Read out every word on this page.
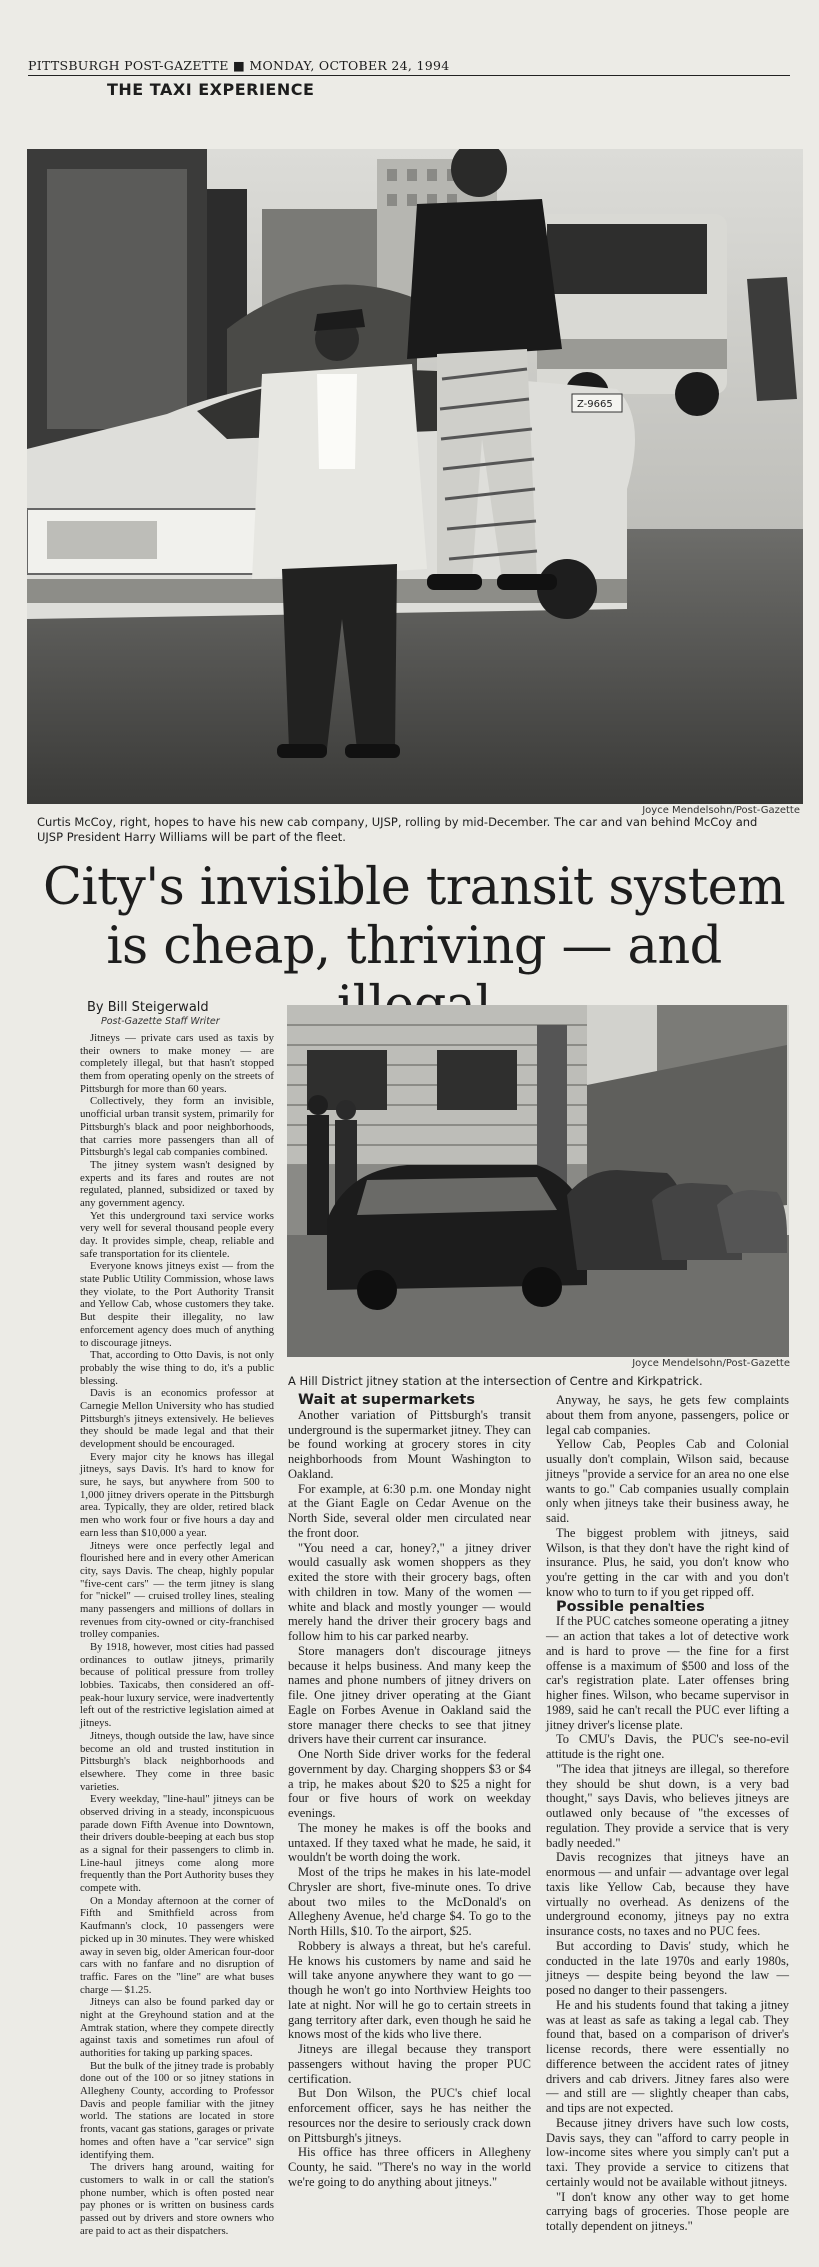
PITTSBURGH POST-GAZETTE ■ MONDAY, OCTOBER 24, 1994
THE TAXI EXPERIENCE
Z-9665
Joyce Mendelsohn/Post-Gazette
Curtis McCoy, right, hopes to have his new cab company, UJSP, rolling by mid-December. The car and van behind McCoy and UJSP President Harry Williams will be part of the fleet.
City's invisible transit system
is cheap, thriving — and
By Bill Steigerwald
Post-Gazette Staff Writer
Joyce Mendelsohn/Post-Gazette
A Hill District jitney station at the intersection of Centre and Kirkpatrick.

Jitneys — private cars used as taxis by their owners to make money — are completely illegal, but that hasn't stopped them from operating openly on the streets of Pittsburgh for more than 60 years.

Collectively, they form an invisible, unofficial urban transit system, primarily for Pittsburgh's black and poor neighborhoods, that carries more passengers than all of Pittsburgh's legal cab companies combined.

The jitney system wasn't designed by experts and its fares and routes are not regulated, planned, subsidized or taxed by any government agency.

Yet this underground taxi service works very well for several thousand people every day. It provides simple, cheap, reliable and safe transportation for its clientele.

Everyone knows jitneys exist — from the state Public Utility Commission, whose laws they violate, to the Port Authority Transit and Yellow Cab, whose customers they take. But despite their illegality, no law enforcement agency does much of anything to discourage jitneys.

That, according to Otto Davis, is not only probably the wise thing to do, it's a public blessing.

Davis is an economics professor at Carnegie Mellon University who has studied Pittsburgh's jitneys extensively. He believes they should be made legal and that their development should be encouraged.

Every major city he knows has illegal jitneys, says Davis. It's hard to know for sure, he says, but anywhere from 500 to 1,000 jitney drivers operate in the Pittsburgh area. Typically, they are older, retired black men who work four or five hours a day and earn less than $10,000 a year.

Jitneys were once perfectly legal and flourished here and in every other American city, says Davis. The cheap, highly popular "five-cent cars" — the term jitney is slang for "nickel" — cruised trolley lines, stealing many passengers and millions of dollars in revenues from city-owned or city-franchised trolley companies.

By 1918, however, most cities had passed ordinances to outlaw jitneys, primarily because of political pressure from trolley lobbies. Taxicabs, then considered an off-peak-hour luxury service, were inadvertently left out of the restrictive legislation aimed at jitneys.

Jitneys, though outside the law, have since become an old and trusted institution in Pittsburgh's black neighborhoods and elsewhere. They come in three basic varieties.

Every weekday, "line-haul" jitneys can be observed driving in a steady, inconspicuous parade down Fifth Avenue into Downtown, their drivers double-beeping at each bus stop as a signal for their passengers to climb in. Line-haul jitneys come along more frequently than the Port Authority buses they compete with.

On a Monday afternoon at the corner of Fifth and Smithfield across from Kaufmann's clock, 10 passengers were picked up in 30 minutes. They were whisked away in seven big, older American four-door cars with no fanfare and no disruption of traffic. Fares on the "line" are what buses charge — $1.25.

Jitneys can also be found parked day or night at the Greyhound station and at the Amtrak station, where they compete directly against taxis and sometimes run afoul of authorities for taking up parking spaces.

But the bulk of the jitney trade is probably done out of the 100 or so jitney stations in Allegheny County, according to Professor Davis and people familiar with the jitney world. The stations are located in store fronts, vacant gas stations, garages or private homes and often have a "car service" sign identifying them.

The drivers hang around, waiting for customers to walk in or call the station's phone number, which is often posted near pay phones or is written on business cards passed out by drivers and store owners who are paid to act as their dispatchers.

Wait at supermarkets

Another variation of Pittsburgh's transit underground is the supermarket jitney. They can be found working at grocery stores in city neighborhoods from Mount Washington to Oakland.

For example, at 6:30 p.m. one Monday night at the Giant Eagle on Cedar Avenue on the North Side, several older men circulated near the front door.

"You need a car, honey?," a jitney driver would casually ask women shoppers as they exited the store with their grocery bags, often with children in tow. Many of the women — white and black and mostly younger — would merely hand the driver their grocery bags and follow him to his car parked nearby.

Store managers don't discourage jitneys because it helps business. And many keep the names and phone numbers of jitney drivers on file. One jitney driver operating at the Giant Eagle on Forbes Avenue in Oakland said the store manager there checks to see that jitney drivers have their current car insurance.

One North Side driver works for the federal government by day. Charging shoppers $3 or $4 a trip, he makes about $20 to $25 a night for four or five hours of work on weekday evenings.

The money he makes is off the books and untaxed. If they taxed what he made, he said, it wouldn't be worth doing the work.

Most of the trips he makes in his late-model Chrysler are short, five-minute ones. To drive about two miles to the McDonald's on Allegheny Avenue, he'd charge $4. To go to the North Hills, $10. To the airport, $25.

Robbery is always a threat, but he's careful. He knows his customers by name and said he will take anyone anywhere they want to go — though he won't go into Northview Heights too late at night. Nor will he go to certain streets in gang territory after dark, even though he said he knows most of the kids who live there.

Jitneys are illegal because they transport passengers without having the proper PUC certification.

But Don Wilson, the PUC's chief local enforcement officer, says he has neither the resources nor the desire to seriously crack down on Pittsburgh's jitneys.

His office has three officers in Allegheny County, he said. "There's no way in the world we're going to do anything about jitneys."

Anyway, he says, he gets few complaints about them from anyone, passengers, police or legal cab companies.

Yellow Cab, Peoples Cab and Colonial usually don't complain, Wilson said, because jitneys "provide a service for an area no one else wants to go." Cab companies usually complain only when jitneys take their business away, he said.

The biggest problem with jitneys, said Wilson, is that they don't have the right kind of insurance. Plus, he said, you don't know who you're getting in the car with and you don't know who to turn to if you get ripped off.

Possible penalties

If the PUC catches someone operating a jitney — an action that takes a lot of detective work and is hard to prove — the fine for a first offense is a maximum of $500 and loss of the car's registration plate. Later offenses bring higher fines. Wilson, who became supervisor in 1989, said he can't recall the PUC ever lifting a jitney driver's license plate.

To CMU's Davis, the PUC's see-no-evil attitude is the right one.

"The idea that jitneys are illegal, so therefore they should be shut down, is a very bad thought," says Davis, who believes jitneys are outlawed only because of "the excesses of regulation. They provide a service that is very badly needed."

Davis recognizes that jitneys have an enormous — and unfair — advantage over legal taxis like Yellow Cab, because they have virtually no overhead. As denizens of the underground economy, jitneys pay no extra insurance costs, no taxes and no PUC fees.

But according to Davis' study, which he conducted in the late 1970s and early 1980s, jitneys — despite being beyond the law — posed no danger to their passengers.

He and his students found that taking a jitney was at least as safe as taking a legal cab. They found that, based on a comparison of driver's license records, there were essentially no difference between the accident rates of jitney drivers and cab drivers. Jitney fares also were — and still are — slightly cheaper than cabs, and tips are not expected.

Because jitney drivers have such low costs, Davis says, they can "afford to carry people in low-income sites where you simply can't put a taxi. They provide a service to citizens that certainly would not be available without jitneys.

"I don't know any other way to get home carrying bags of groceries. Those people are totally dependent on jitneys."
